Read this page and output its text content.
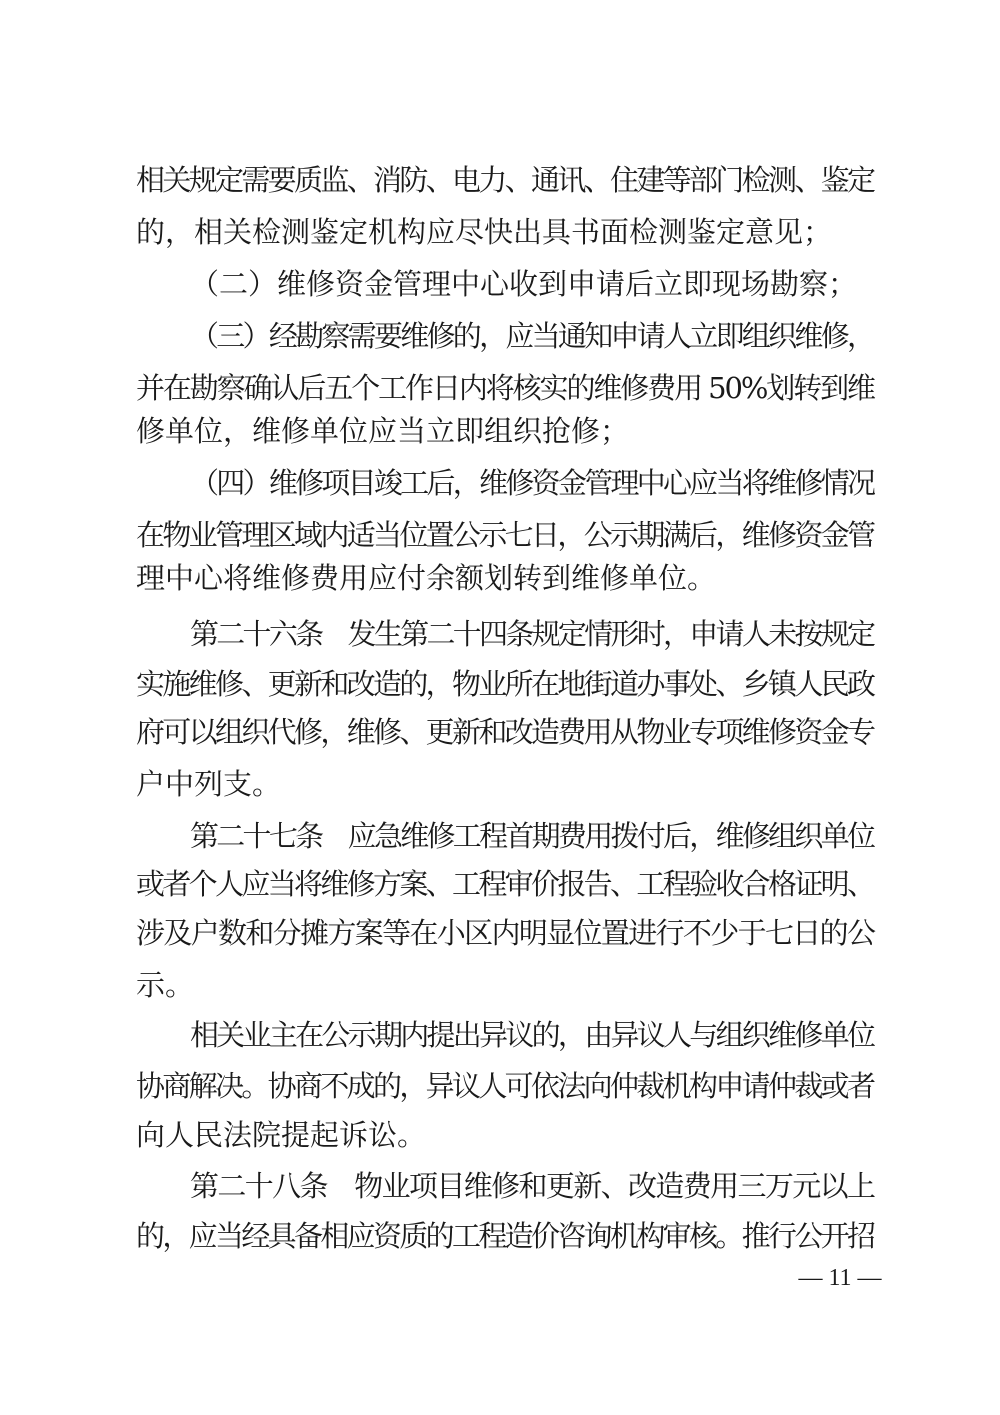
相关规定需要质监、消防、电力、通讯、住建等部门检测、鉴定
的，相关检测鉴定机构应尽快出具书面检测鉴定意见；
（二）维修资金管理中心收到申请后立即现场勘察；
（三）经勘察需要维修的，应当通知申请人立即组织维修，
并在勘察确认后五个工作日内将核实的维修费用 50%划转到维
修单位，维修单位应当立即组织抢修；
（四）维修项目竣工后，维修资金管理中心应当将维修情况
在物业管理区域内适当位置公示七日，公示期满后，维修资金管
理中心将维修费用应付余额划转到维修单位。
第二十六条　发生第二十四条规定情形时，申请人未按规定
实施维修、更新和改造的，物业所在地街道办事处、乡镇人民政
府可以组织代修，维修、更新和改造费用从物业专项维修资金专
户中列支。
第二十七条　应急维修工程首期费用拨付后，维修组织单位
或者个人应当将维修方案、工程审价报告、工程验收合格证明、
涉及户数和分摊方案等在小区内明显位置进行不少于七日的公
示。
相关业主在公示期内提出异议的，由异议人与组织维修单位
协商解决。协商不成的，异议人可依法向仲裁机构申请仲裁或者
向人民法院提起诉讼。
第二十八条　物业项目维修和更新、改造费用三万元以上
的，应当经具备相应资质的工程造价咨询机构审核。推行公开招
— 11 —
